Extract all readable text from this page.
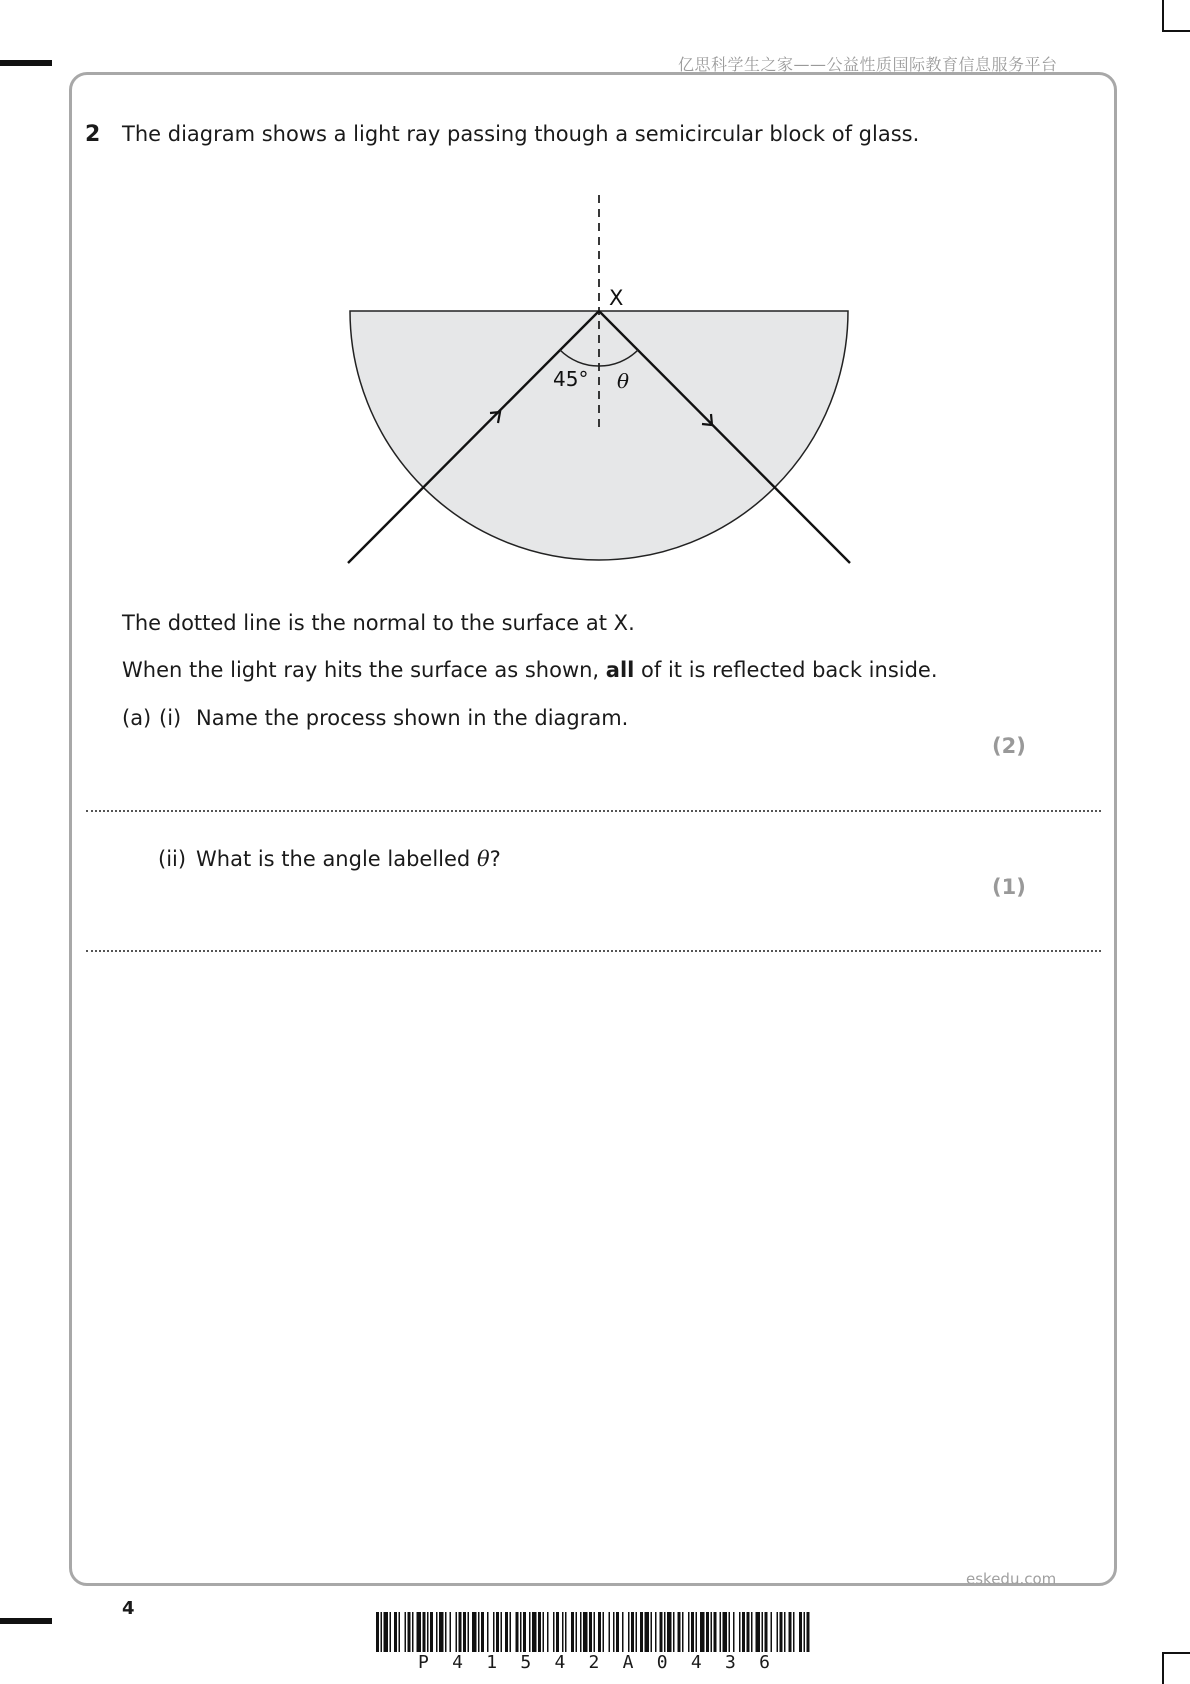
亿思科学生之家——公益性质国际教育信息服务平台
2 The diagram shows a light ray passing though a semicircular block of glass.
X
45° θ
The dotted line is the normal to the surface at X.
When the light ray hits the surface as shown, all of it is reflected back inside.
(a) (i) Name the process shown in the diagram.
(2)
(ii) What is the angle labelled θ?
(1)
eskedu.com
4
P 4 1 5 4 2 A 0 4 3 6
